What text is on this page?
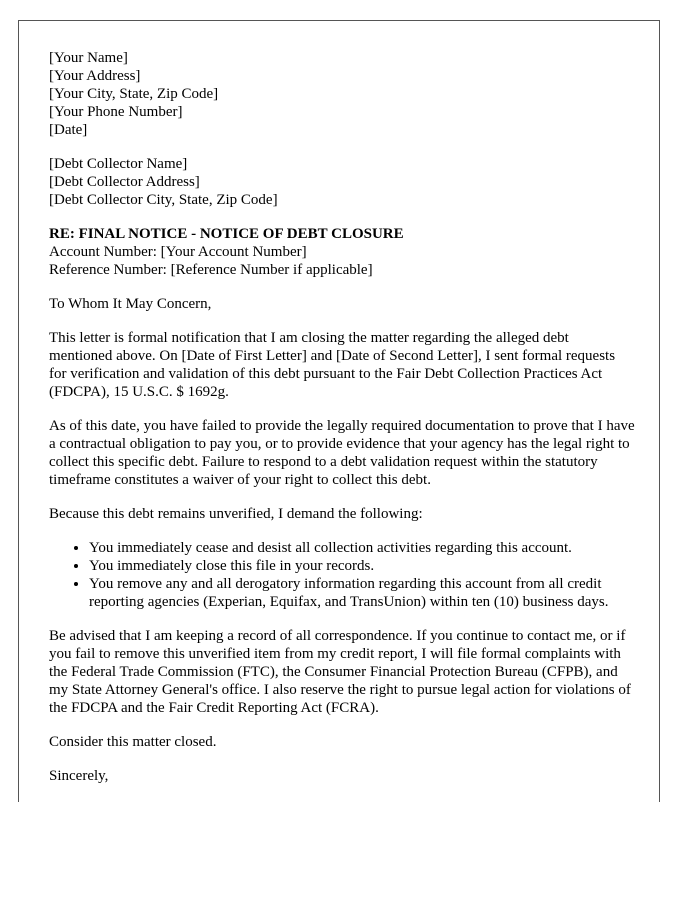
[Your Name]
[Your Address]
[Your City, State, Zip Code]
[Your Phone Number]
[Date]
[Debt Collector Name]
[Debt Collector Address]
[Debt Collector City, State, Zip Code]
RE: FINAL NOTICE - NOTICE OF DEBT CLOSURE
Account Number: [Your Account Number]
Reference Number: [Reference Number if applicable]

To Whom It May Concern,

This letter is formal notification that I am closing the matter regarding the alleged debt mentioned above. On [Date of First Letter] and [Date of Second Letter], I sent formal requests for verification and validation of this debt pursuant to the Fair Debt Collection Practices Act (FDCPA), 15 U.S.C. $ 1692g.

As of this date, you have failed to provide the legally required documentation to prove that I have a contractual obligation to pay you, or to provide evidence that your agency has the legal right to collect this specific debt. Failure to respond to a debt validation request within the statutory timeframe constitutes a waiver of your right to collect this debt.

Because this debt remains unverified, I demand the following:

• You immediately cease and desist all collection activities regarding this account.
• You immediately close this file in your records.
• You remove any and all derogatory information regarding this account from all credit reporting agencies (Experian, Equifax, and TransUnion) within ten (10) business days.

Be advised that I am keeping a record of all correspondence. If you continue to contact me, or if you fail to remove this unverified item from my credit report, I will file formal complaints with the Federal Trade Commission (FTC), the Consumer Financial Protection Bureau (CFPB), and my State Attorney General's office. I also reserve the right to pursue legal action for violations of the FDCPA and the Fair Credit Reporting Act (FCRA).

Consider this matter closed.

Sincerely,
